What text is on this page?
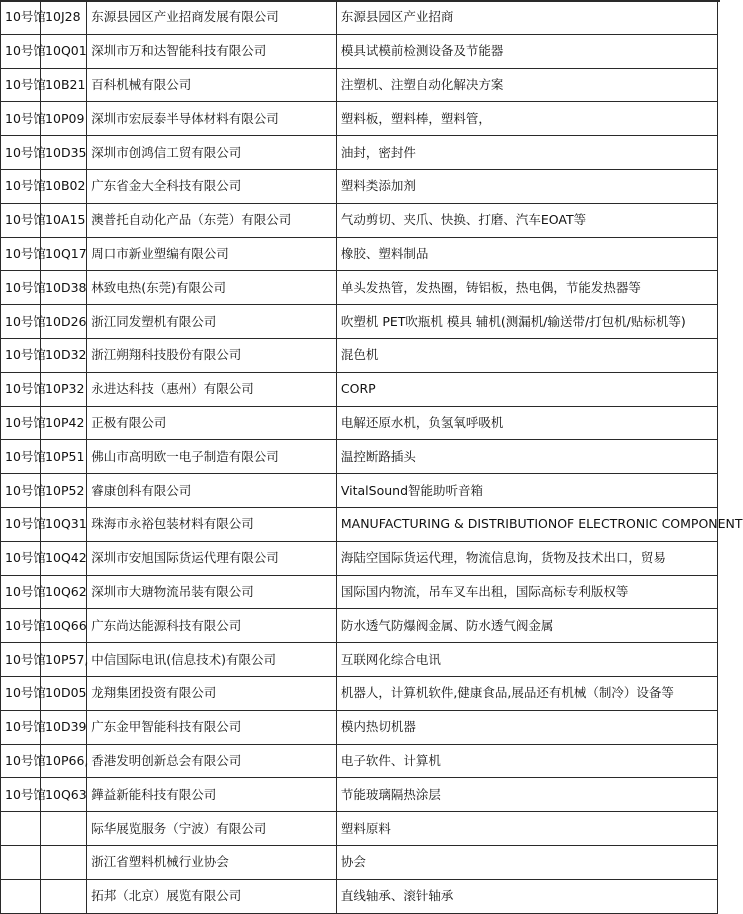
10号馆	10J28	东源县园区产业招商发展有限公司	东源县园区产业招商
10号馆	10Q01	深圳市万和达智能科技有限公司	模具试模前检测设备及节能器
10号馆	10B21	百科机械有限公司	注塑机、注塑自动化解决方案
10号馆	10P09	深圳市宏辰泰半导体材料有限公司	塑料板，塑料棒，塑料管，
10号馆	10D35	深圳市创鸿信工贸有限公司	油封，密封件
10号馆	10B02	广东省金大全科技有限公司	塑料类添加剂
10号馆	10A15	澳普托自动化产品（东莞）有限公司	气动剪切、夹爪、快换、打磨、汽车EOAT等
10号馆	10Q17	周口市新业塑编有限公司	橡胶、塑料制品
10号馆	10D38	林致电热(东莞)有限公司	单头发热管，发热圈，铸铝板，热电偶，节能发热器等
10号馆	10D26	浙江同发塑机有限公司	吹塑机 PET吹瓶机 模具 辅机(测漏机/输送带/打包机/贴标机等)
10号馆	10D32	浙江朔翔科技股份有限公司	混色机
10号馆	10P32	永进达科技（惠州）有限公司	CORP
10号馆	10P42	正极有限公司	电解还原水机，负氢氧呼吸机
10号馆	10P51	佛山市高明欧一电子制造有限公司	温控断路插头
10号馆	10P52	睿康创科有限公司	VitalSound智能助听音箱
10号馆	10Q31	珠海市永裕包装材料有限公司	MANUFACTURING & DISTRIBUTIONOF ELECTRONIC COMPONENT
10号馆	10Q42	深圳市安旭国际货运代理有限公司	海陆空国际货运代理，物流信息询，货物及技术出口，贸易
10号馆	10Q62	深圳市大瑭物流吊装有限公司	国际国内物流，吊车叉车出租，国际高标专利版权等
10号馆	10Q66	广东尚达能源科技有限公司	防水透气防爆阀金属、防水透气阀金属
10号馆	10P57,	中信国际电讯(信息技术)有限公司	互联网化综合电讯
10号馆	10D05	龙翔集团投资有限公司	机器人，计算机软件,健康食品,展品还有机械（制冷）设备等
10号馆	10D39	广东金甲智能科技有限公司	模内热切机器
10号馆	10P66,	香港发明创新总会有限公司	电子软件、计算机
10号馆	10Q63	鏵益新能科技有限公司	节能玻璃隔热涂层
		际华展览服务（宁波）有限公司	塑料原料
		浙江省塑料机械行业协会	协会
		拓邦（北京）展览有限公司	直线轴承、滚针轴承
